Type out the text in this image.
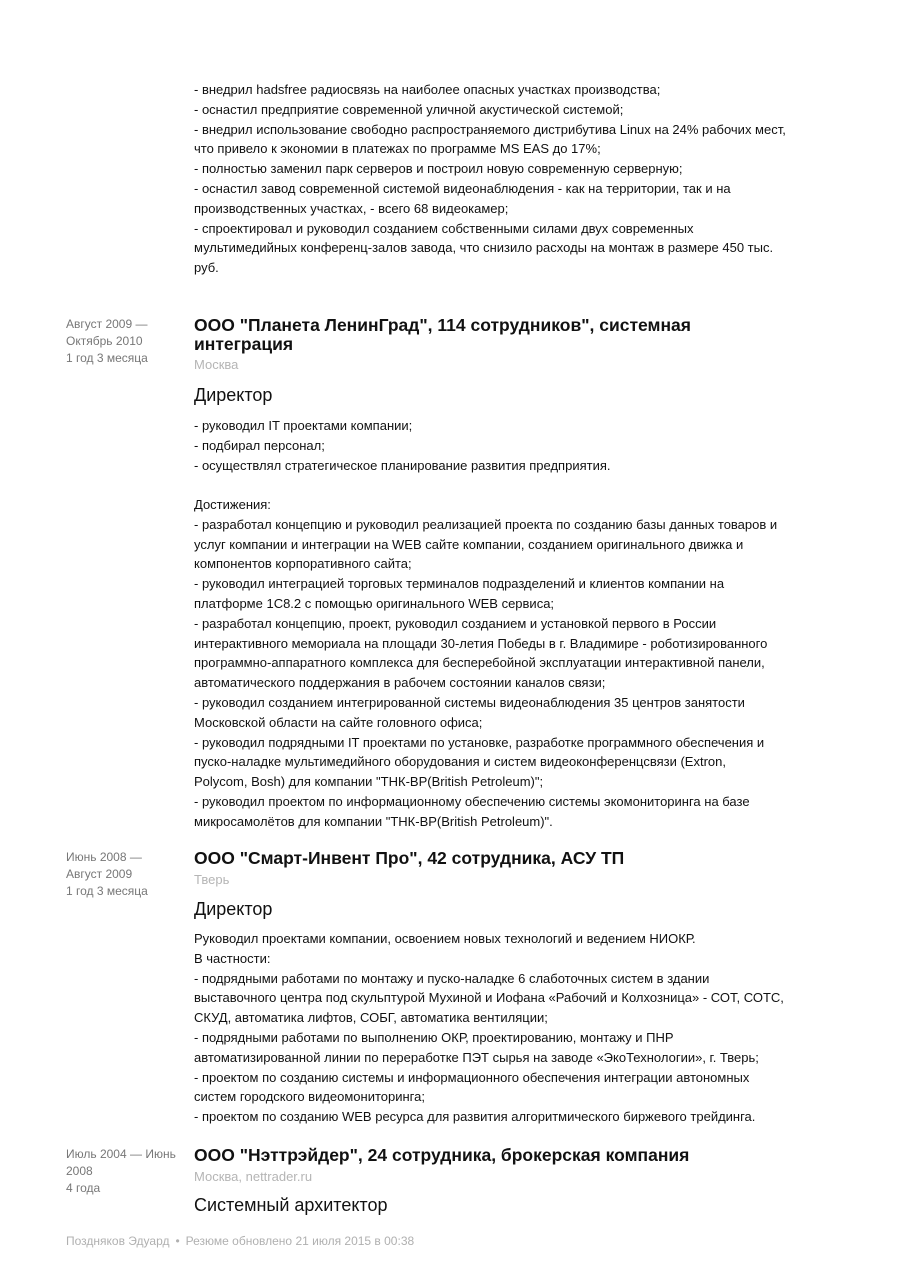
- внедрил hadsfree радиосвязь на наиболее опасных участках производства;
- оснастил предприятие современной уличной акустической системой;
- внедрил использование свободно распространяемого дистрибутива Linux на 24% рабочих мест,
что привело к экономии в платежах по программе MS EAS до 17%;
- полностью заменил парк серверов и построил новую современную серверную;
- оснастил завод современной системой видеонаблюдения - как на территории, так и на
производственных участках, - всего 68 видеокамер;
- спроектировал и руководил созданием собственными силами двух современных
мультимедийных конференц-залов завода, что снизило расходы на монтаж в размере 450 тыс.
руб.
Август 2009 —
Октябрь 2010
1 год 3 месяца
ООО "Планета ЛенинГрад", 114 сотрудников", системная
интеграция
Москва
Директор
- руководил IT проектами компании;
- подбирал персонал;
- осуществлял стратегическое планирование развития предприятия.
Достижения:
- разработал концепцию и руководил реализацией проекта по созданию базы данных товаров и
услуг компании и интеграции на WEB сайте компании, созданием оригинального движка и
компонентов корпоративного сайта;
- руководил интеграцией торговых терминалов подразделений и клиентов компании на
платформе 1С8.2 с помощью оригинального WEB сервиса;
- разработал концепцию, проект, руководил созданием и установкой первого в России
интерактивного мемориала на площади 30-летия Победы в г. Владимире - роботизированного
программно-аппаратного комплекса для бесперебойной эксплуатации интерактивной панели,
автоматического поддержания в рабочем состоянии каналов связи;
- руководил созданием интегрированной системы видеонаблюдения 35 центров занятости
Московской области на сайте головного офиса;
- руководил подрядными IT проектами по установке, разработке программного обеспечения и
пуско-наладке мультимедийного оборудования и систем видеоконференцсвязи (Extron,
Polycom, Bosh) для компании "ТНК-ВР(British Petroleum)";
- руководил проектом по информационному обеспечению системы экомониторинга на базе
микросамолётов для компании "ТНК-ВР(British Petroleum)".
Июнь 2008 —
Август 2009
1 год 3 месяца
ООО "Смарт-Инвент Про", 42 сотрудника, АСУ ТП
Тверь
Директор
Руководил проектами компании, освоением новых технологий и ведением НИОКР.
В частности:
- подрядными работами по монтажу и пуско-наладке 6 слаботочных систем в здании
выставочного центра под скульптурой Мухиной и Иофана «Рабочий и Колхозница» - СОТ, СОТС,
СКУД, автоматика лифтов, СОБГ, автоматика вентиляции;
- подрядными работами по выполнению ОКР, проектированию, монтажу и ПНР
автоматизированной линии по переработке ПЭТ сырья на заводе «ЭкоТехнологии», г. Тверь;
- проектом по созданию системы и информационного обеспечения интеграции автономных
систем городского видеомониторинга;
- проектом по созданию WEB ресурса для развития алгоритмического биржевого трейдинга.
Июль 2004 — Июнь
2008
4 года
ООО "Нэттрэйдер", 24 сотрудника, брокерская компания
Москва, nettrader.ru
Системный архитектор
Поздняков Эдуард • Резюме обновлено 21 июля 2015 в 00:38
